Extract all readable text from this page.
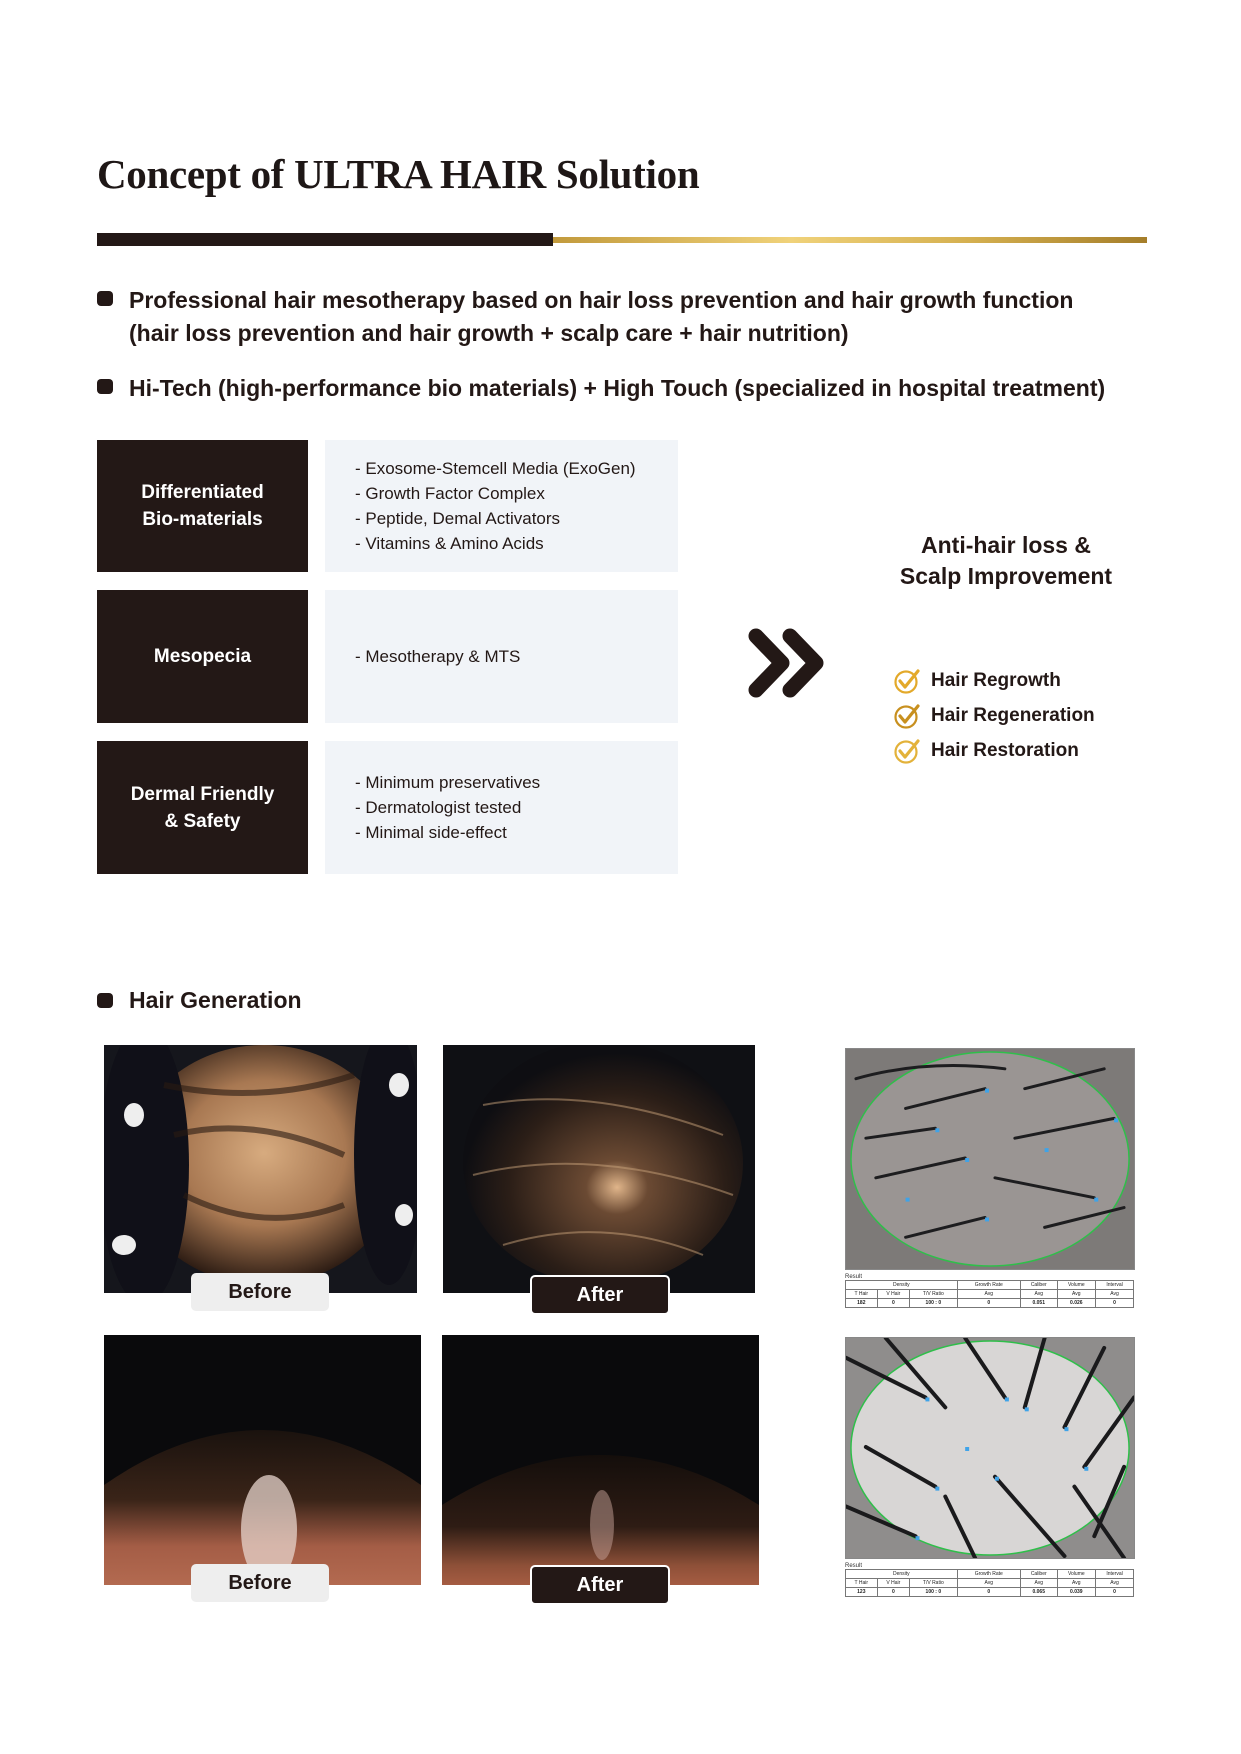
Concept of ULTRA HAIR Solution
Professional hair mesotherapy based on hair loss prevention and hair growth function
(hair loss prevention and hair growth + scalp care + hair nutrition)
Hi-Tech (high-performance bio materials) + High Touch (specialized in hospital treatment)
Differentiated
Bio-materials
- Exosome-Stemcell Media (ExoGen)
- Growth Factor Complex
- Peptide, Demal Activators
- Vitamins & Amino Acids
Mesopecia	- Mesotherapy & MTS
Dermal Friendly
& Safety
- Minimum preservatives
- Dermatologist tested
- Minimal side-effect
Anti-hair loss &
Scalp Improvement
Hair Regrowth
Hair Regeneration
Hair Restoration
Hair Generation
Before	After
Before	After
Result
Density			Growth Rate	Caliber	Volume	Interval
T Hair	V Hair	T/V Ratio	Avg	Avg	Avg	Avg
182	0	100 : 0	0	0.051	0.026	0
Result
Density			Growth Rate	Caliber	Volume	Interval
T Hair	V Hair	T/V Ratio	Avg	Avg	Avg	Avg
123	0	100 : 0	0	0.065	0.039	0
